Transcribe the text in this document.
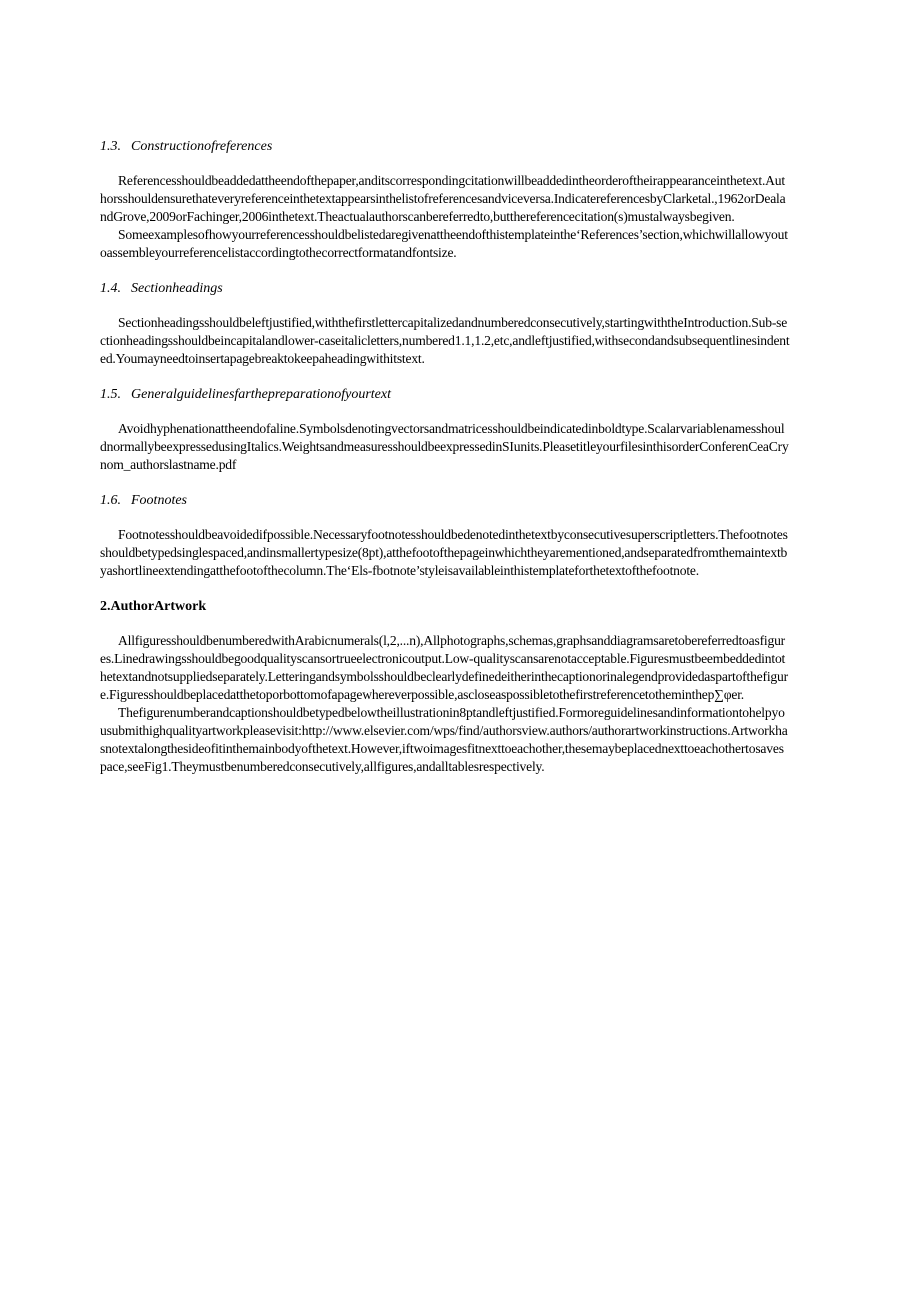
1.3. Constructionofreferences

Referencesshouldbeaddedattheendofthepaper,anditscorrespondingcitationwillbeaddedintheorderoftheirappearanceinthetext.Authorsshouldensurethateveryreferenceinthetextappearsinthelistofreferencesandviceversa.IndicatereferencesbyClarketal.,1962orDealandGrove,2009orFachinger,2006inthetext.Theactualauthorscanbereferredto,butthereferencecitation(s)mustalwaysbegiven.

Someexamplesofhowyourreferencesshouldbelistedaregivenattheendofthistemplateinthe‘References’section,whichwillallowyoutoassembleyourreferencelistaccordingtothecorrectformatandfontsize.

1.4. Sectionheadings

Sectionheadingsshouldbeleftjustified,withthefirstlettercapitalizedandnumberedconsecutively,startingwiththeIntroduction.Sub-sectionheadingsshouldbeincapitalandlower-caseitalicletters,numbered1.1,1.2,etc,andleftjustified,withsecondandsubsequentlinesindented.Youmayneedtoinsertapagebreaktokeepaheadingwithitstext.

1.5. Generalguidelinesfarthepreparationofyourtext

Avoidhyphenationattheendofaline.Symbolsdenotingvectorsandmatricesshouldbeindicatedinboldtype.ScalarvariablenamesshouldnormallybeexpressedusingItalics.WeightsandmeasuresshouldbeexpressedinSIunits.PleasetitleyourfilesinthisorderConferenCeaCrynom_authorslastname.pdf

1.6. Footnotes

Footnotesshouldbeavoidedifpossible.Necessaryfootnotesshouldbedenotedinthetextbyconsecutivesuperscriptletters.Thefootnotesshouldbetypedsinglespaced,andinsmallertypesize(8pt),atthefootofthepageinwhichtheyarementioned,andseparatedfromthemaintextbyashortlineextendingatthefootofthecolumn.The‘Els-fbotnote’styleisavailableinthistemplateforthetextofthefootnote.

2.AuthorArtwork

AllfiguresshouldbenumberedwithArabicnumerals(l,2,...n),Allphotographs,schemas,graphsanddiagramsaretobereferredtoasfigures.Linedrawingsshouldbegoodqualityscansortrueelectronicoutput.Low-qualityscansarenotacceptable.Figuresmustbeembeddedintothetextandnotsuppliedseparately.Letteringandsymbolsshouldbeclearlydefinedeitherinthecaptionorinalegendprovidedaspartofthefigure.Figuresshouldbeplacedatthetoporbottomofapagewhereverpossible,ascloseaspossibletothefirstreferencetotheminthep∑φer.

Thefigurenumberandcaptionshouldbetypedbelowtheillustrationin8ptandleftjustified.Formoreguidelinesandinformationtohelpyousubmithighqualityartworkpleasevisit:http://www.elsevier.com/wps/find/authorsview.authors/authorartworkinstructions.Artworkhasnotextalongthesideofitinthemainbodyofthetext.However,iftwoimagesfitnexttoeachother,thesemaybeplacednexttoeachothertosavespace,seeFig1.Theymustbenumberedconsecutively,allfigures,andalltablesrespectively.
